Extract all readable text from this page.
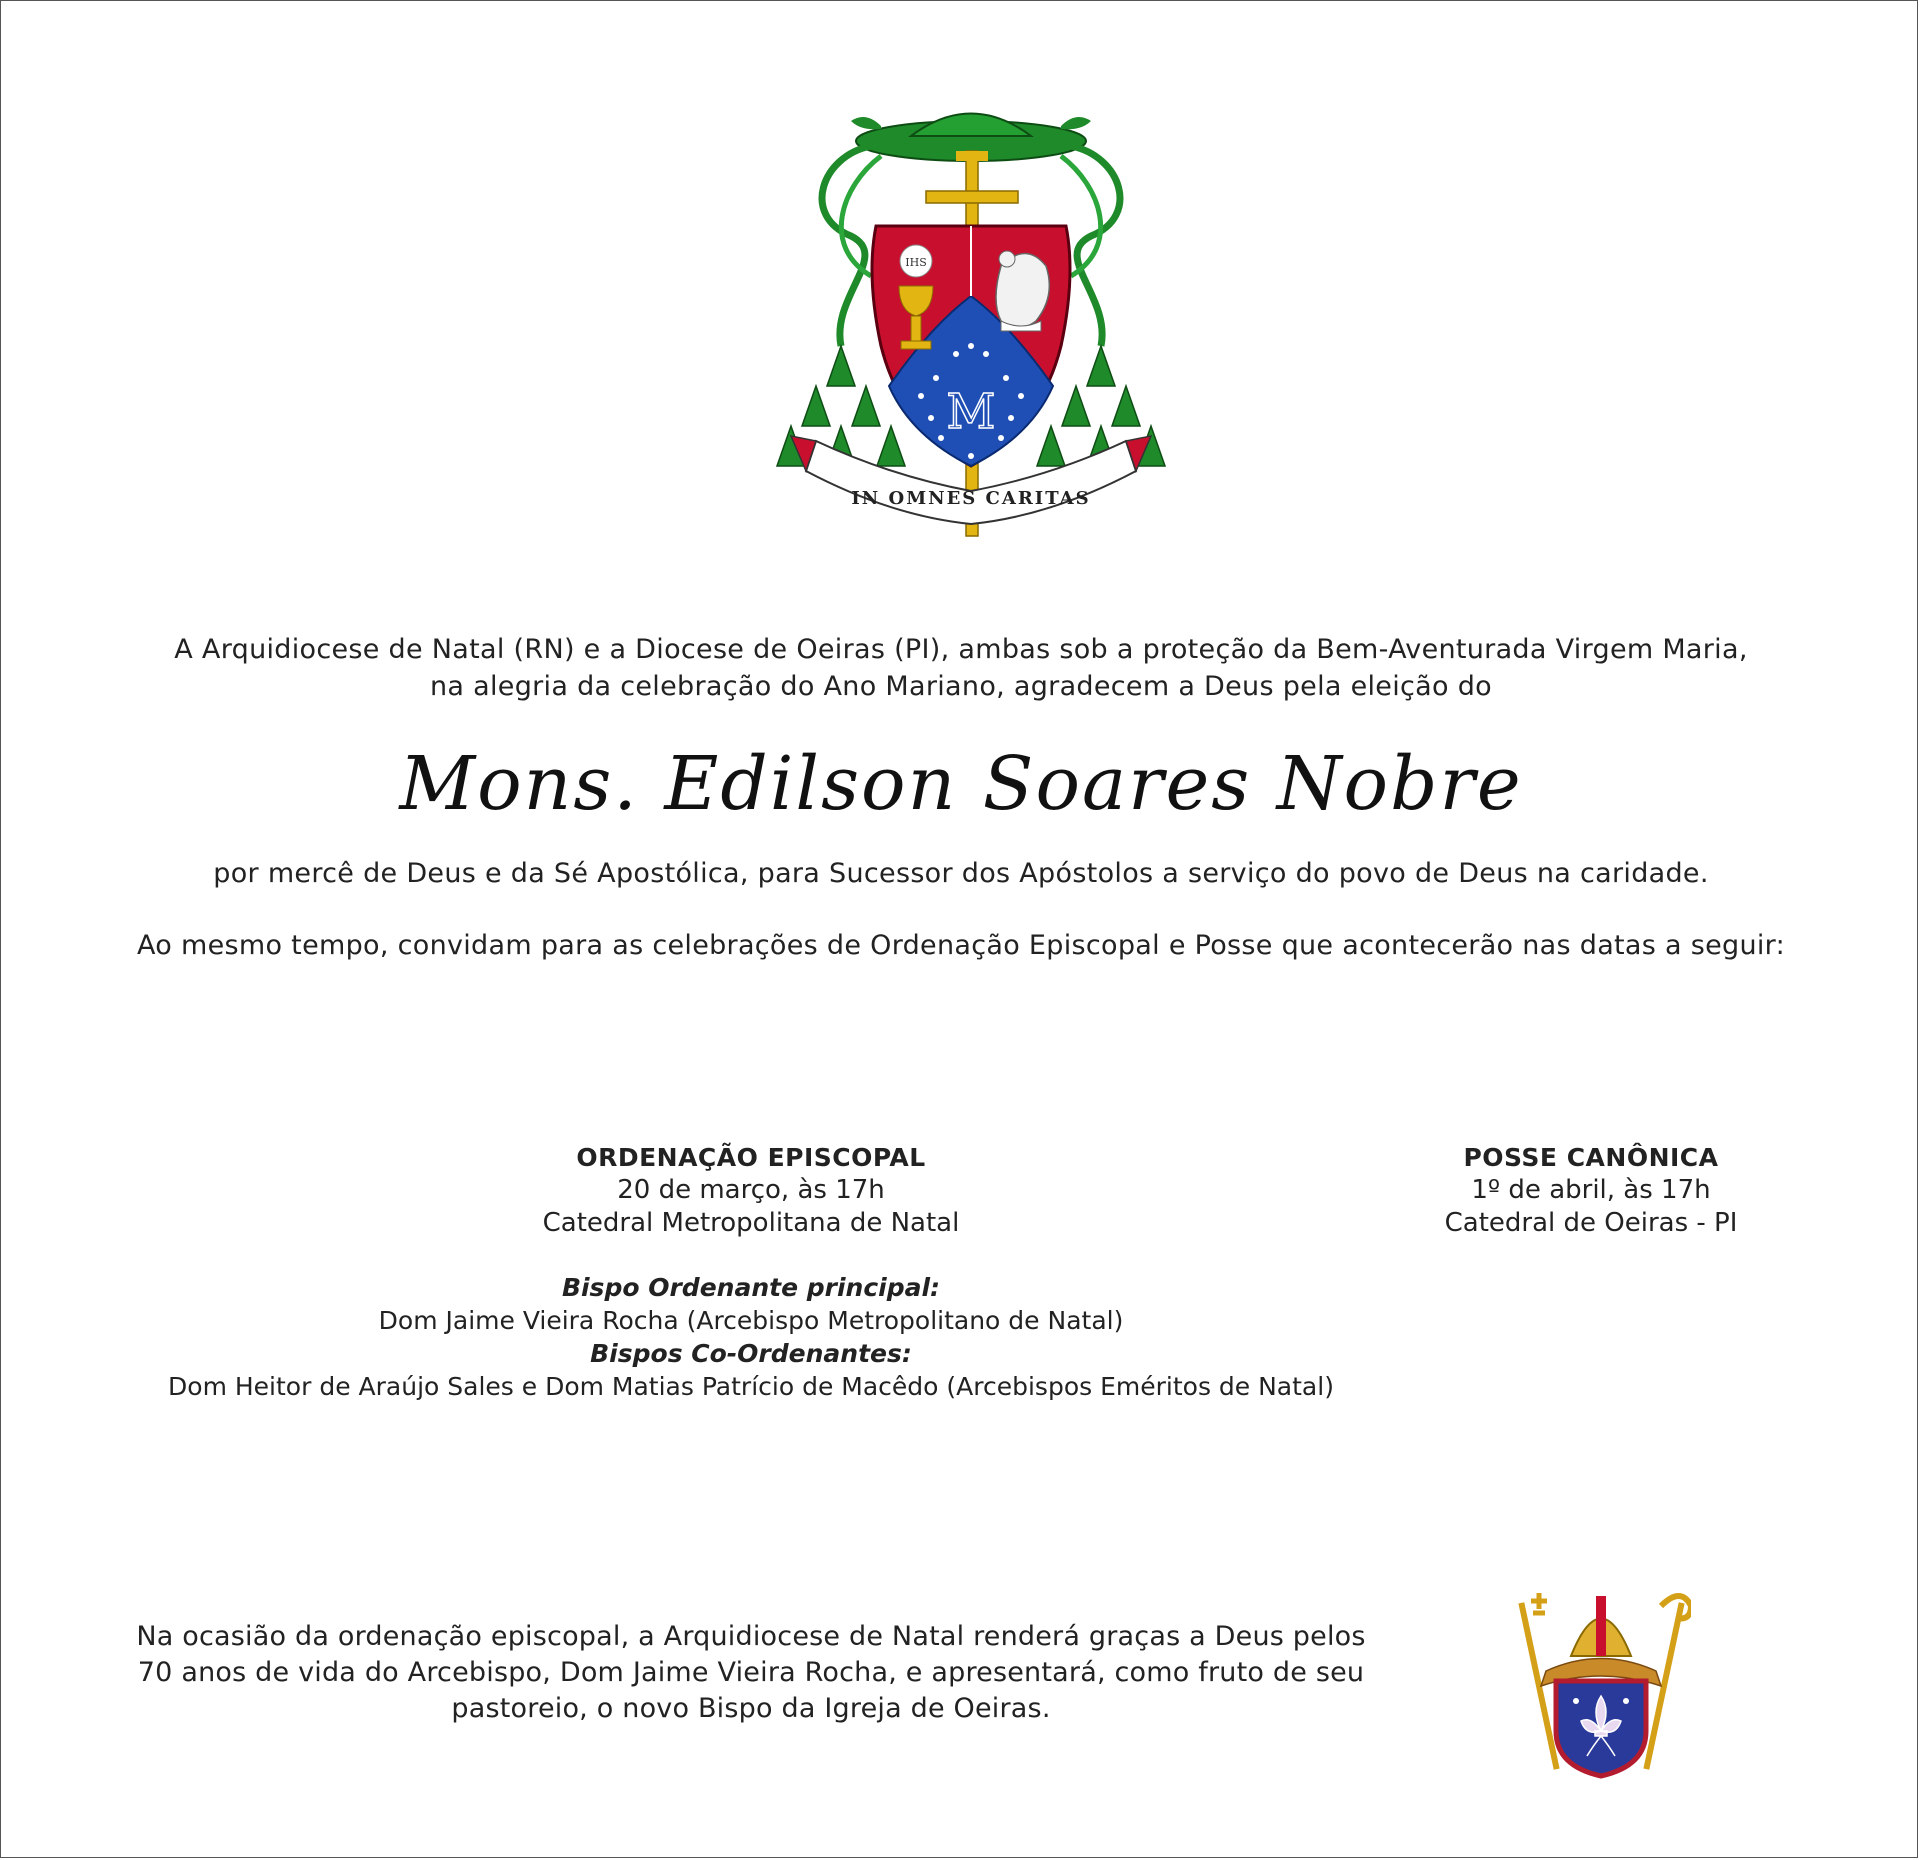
IHS
M
IN OMNES CARITAS

A Arquidiocese de Natal (RN) e a Diocese de Oeiras (PI), ambas sob a proteção da Bem-Aventurada Virgem Maria,

na alegria da celebração do Ano Mariano, agradecem a Deus pela eleição do

Mons. Edilson Soares Nobre
por mercê de Deus e da Sé Apostólica, para Sucessor dos Apóstolos a serviço do povo de Deus na caridade.
Ao mesmo tempo, convidam para as celebrações de Ordenação Episcopal e Posse que acontecerão nas datas a seguir:
ORDENAÇÃO EPISCOPAL
20 de março, às 17h
Catedral Metropolitana de Natal
POSSE CANÔNICA
1º de abril, às 17h
Catedral de Oeiras - PI
Bispo Ordenante principal:
Dom Jaime Vieira Rocha (Arcebispo Metropolitano de Natal)
Bispos Co-Ordenantes:
Dom Heitor de Araújo Sales e Dom Matias Patrício de Macêdo (Arcebispos Eméritos de Natal)
Na ocasião da ordenação episcopal, a Arquidiocese de Natal renderá graças a Deus pelos
70 anos de vida do Arcebispo, Dom Jaime Vieira Rocha, e apresentará, como fruto de seu
pastoreio, o novo Bispo da Igreja de Oeiras.
